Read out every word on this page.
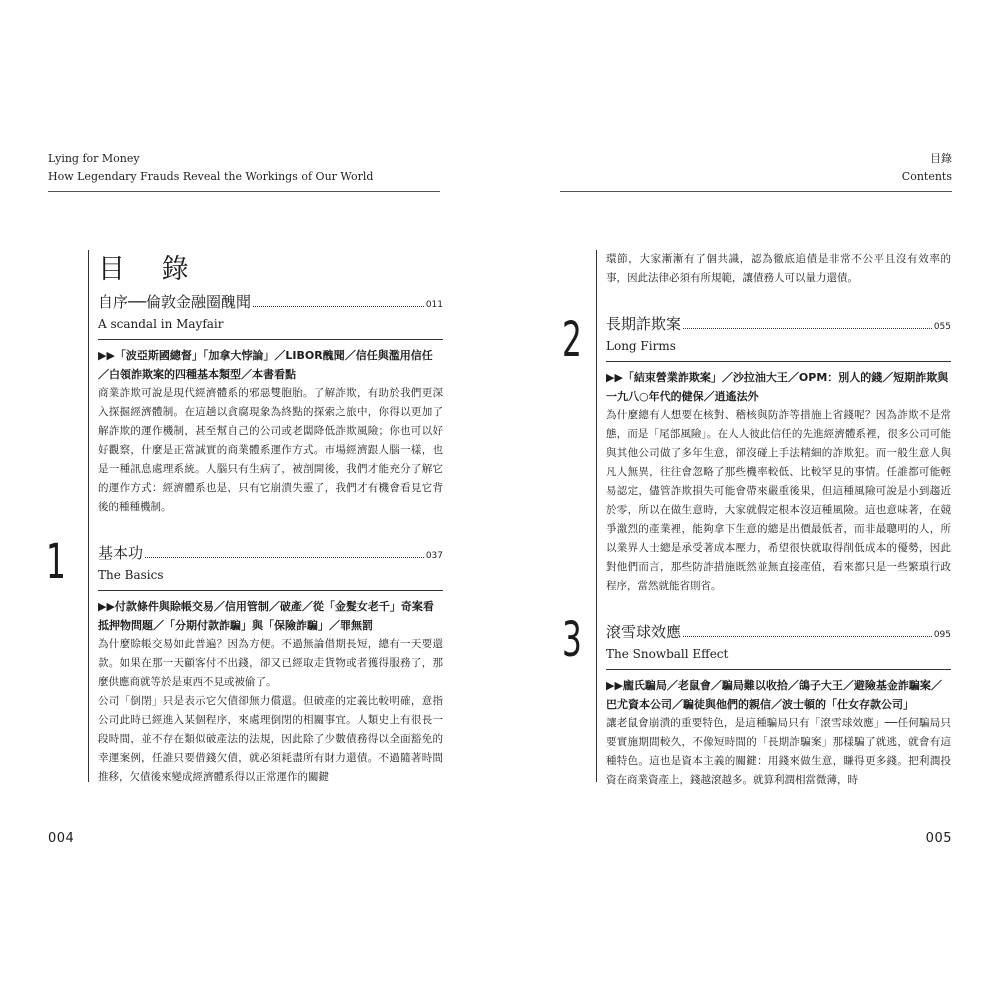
Lying for Money
How Legendary Frauds Reveal the Workings of Our World
1
目 錄
自序──倫敦金融圈醜聞	011
A scandal in Mayfair
▶▶「波亞斯國總督」「加拿大悖論」／LIBOR醜聞／信任與濫用信任／白領詐欺案的四種基本類型／本書看點

商業詐欺可說是現代經濟體系的邪惡雙胞胎。了解詐欺，有助於我們更深入探掘經濟體制。在這趟以貪腐現象為終點的探索之旅中，你得以更加了解詐欺的運作機制，甚至幫自己的公司或老闆降低詐欺風險；你也可以好好觀察，什麼是正當誠實的商業體系運作方式。市場經濟跟人腦一樣，也是一種訊息處理系統。人腦只有生病了，被剖開後，我們才能充分了解它的運作方式：經濟體系也是，只有它崩潰失靈了，我們才有機會看見它背後的種種機制。

基本功	037
The Basics
▶▶付款條件與賒帳交易／信用管制／破產／從「金髮女老千」奇案看抵押物問題／「分期付款詐騙」與「保險詐騙」／罪無罰

為什麼賒帳交易如此普遍？因為方便。不過無論借期長短，總有一天要還款。如果在那一天顧客付不出錢，卻又已經取走貨物或者獲得服務了，那麼供應商就等於是東西不見或被偷了。

公司「倒閉」只是表示它欠債卻無力償還。但破產的定義比較明確，意指公司此時已經進入某個程序，來處理倒閉的相關事宜。人類史上有很長一段時間，並不存在類似破產法的法規，因此除了少數債務得以全面豁免的幸運案例，任誰只要借錢欠債，就必須耗盡所有財力還債。不過隨著時間推移，欠債後來變成經濟體系得以正常運作的關鍵

004
目錄
Contents
2
3

環節，大家漸漸有了個共識，認為徹底追債是非常不公平且沒有效率的事，因此法律必須有所規範，讓債務人可以量力還債。

長期詐欺案	055
Long Firms
▶▶「結束營業詐欺案」／沙拉油大王／OPM：別人的錢／短期詐欺與一九八○年代的健保／逍遙法外

為什麼總有人想要在核對、稽核與防詐等措施上省錢呢？因為詐欺不是常態，而是「尾部風險」。在人人彼此信任的先進經濟體系裡，很多公司可能與其他公司做了多年生意，卻沒碰上手法精細的詐欺犯。而一般生意人與凡人無異，往往會忽略了那些機率較低、比較罕見的事情。任誰都可能輕易認定，儘管詐欺損失可能會帶來嚴重後果，但這種風險可說是小到趨近於零，所以在做生意時，大家就假定根本沒這種風險。這也意味著，在競爭激烈的產業裡，能夠拿下生意的總是出價最低者，而非最聰明的人，所以業界人士總是承受著成本壓力，希望很快就取得削低成本的優勢，因此對他們而言，那些防詐措施既然並無直接產值，看來都只是一些繁瑣行政程序，當然就能省則省。

滾雪球效應	095
The Snowball Effect
▶▶龐氏騙局／老鼠會／騙局難以收拾／鴿子大王／避險基金詐騙案／巴尤資本公司／騙徒與他們的親信／波士頓的「仕女存款公司」

讓老鼠會崩潰的重要特色，是這種騙局只有「滾雪球效應」──任何騙局只要實施期間較久，不像短時間的「長期詐騙案」那樣騙了就逃，就會有這種特色。這也是資本主義的關鍵：用錢來做生意，賺得更多錢。把利潤投資在商業資產上，錢越滾越多。就算利潤相當微薄，時

005
